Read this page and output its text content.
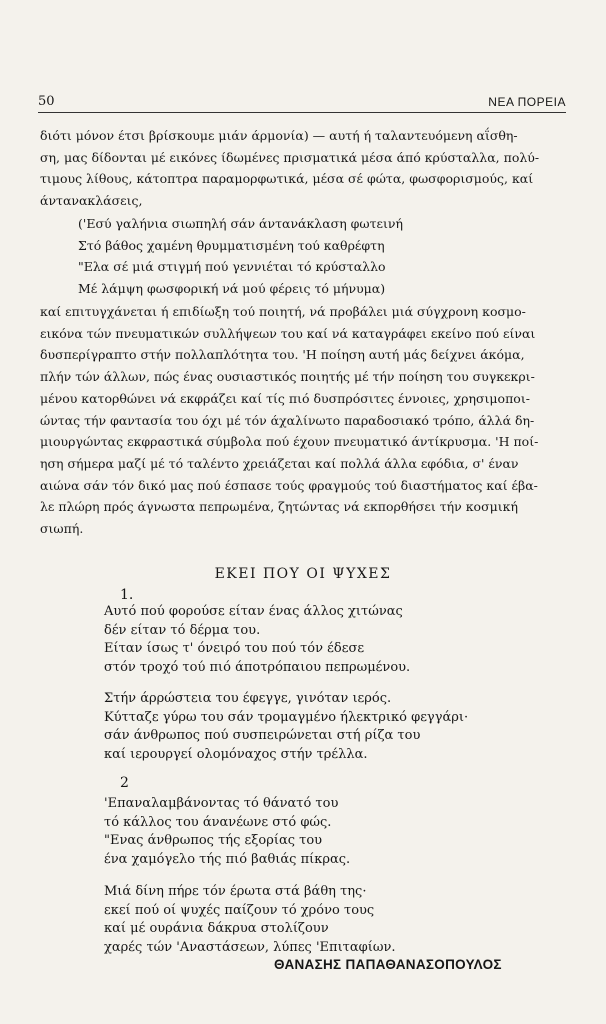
50	ΝΕΑ ΠΟΡΕΙΑ

διότι μόνον έτσι βρίσκουμε μιάν άρμονία) — αυτή ή ταλαντευόμενη αΐσθη-
ση, μας δίδονται μέ εικόνες ίδωμένες πρισματικά μέσα άπό κρύσταλλα, πολύ-
τιμους λίθους, κάτοπτρα παραμορφωτικά, μέσα σέ φώτα, φωσφορισμούς, καί
άντανακλάσεις,

('Εσύ γαλήνια σιωπηλή σάν άντανάκλαση φωτεινή
Στό βάθος χαμένη θρυμματισμένη τού καθρέφτη
"Ελα σέ μιά στιγμή πού γεννιέται τό κρύσταλλο
Μέ λάμψη φωσφορική νά μού φέρεις τό μήνυμα)

καί επιτυγχάνεται ή επιδίωξη τού ποιητή, νά προβάλει μιά σύγχρονη κοσμο-
εικόνα τών πνευματικών συλλήψεων του καί νά καταγράφει εκείνο πού είναι
δυσπερίγραπτο στήν πολλαπλότητα του. 'Η ποίηση αυτή μάς δείχνει άκόμα,
πλήν τών άλλων, πώς ένας ουσιαστικός ποιητής μέ τήν ποίηση του συγκεκρι-
μένου κατορθώνει νά εκφράζει καί τίς πιό δυσπρόσιτες έννοιες, χρησιμοποι-
ώντας τήν φαντασία του όχι μέ τόν άχαλίνωτο παραδοσιακό τρόπο, άλλά δη-
μιουργώντας εκφραστικά σύμβολα πού έχουν πνευματικό άντίκρυσμα. 'Η ποί-
ηση σήμερα μαζί μέ τό ταλέντο χρειάζεται καί πολλά άλλα εφόδια, σ' έναν
αιώνα σάν τόν δικό μας πού έσπασε τούς φραγμούς τού διαστήματος καί έβα-
λε πλώρη πρός άγνωστα πεπρωμένα, ζητώντας νά εκπορθήσει τήν κοσμική
σιωπή.

ΕΚΕΙ ΠΟΥ ΟΙ ΨΥΧΕΣ
1.

Αυτό πού φορούσε είταν ένας άλλος χιτώνας
δέν είταν τό δέρμα του.
Είταν ίσως τ' όνειρό του πού τόν έδεσε
στόν τροχό τού πιό άποτρόπαιου πεπρωμένου.

Στήν άρρώστεια του έφεγγε, γινόταν ιερός.
Κύτταζε γύρω του σάν τρομαγμένο ήλεκτρικό φεγγάρι·
σάν άνθρωπος πού συσπειρώνεται στή ρίζα του
καί ιερουργεί ολομόναχος στήν τρέλλα.

2

'Επαναλαμβάνοντας τό θάνατό του
τό κάλλος του άνανέωνε στό φώς.
"Ενας άνθρωπος τής εξορίας του
ένα χαμόγελο τής πιό βαθιάς πίκρας.

Μιά δίνη πήρε τόν έρωτα στά βάθη της·
εκεί πού οί ψυχές παίζουν τό χρόνο τους
καί μέ ουράνια δάκρυα στολίζουν
χαρές τών 'Αναστάσεων, λύπες 'Επιταφίων.

ΘΑΝΑΣΗΣ ΠΑΠΑΘΑΝΑΣΟΠΟΥΛΟΣ
